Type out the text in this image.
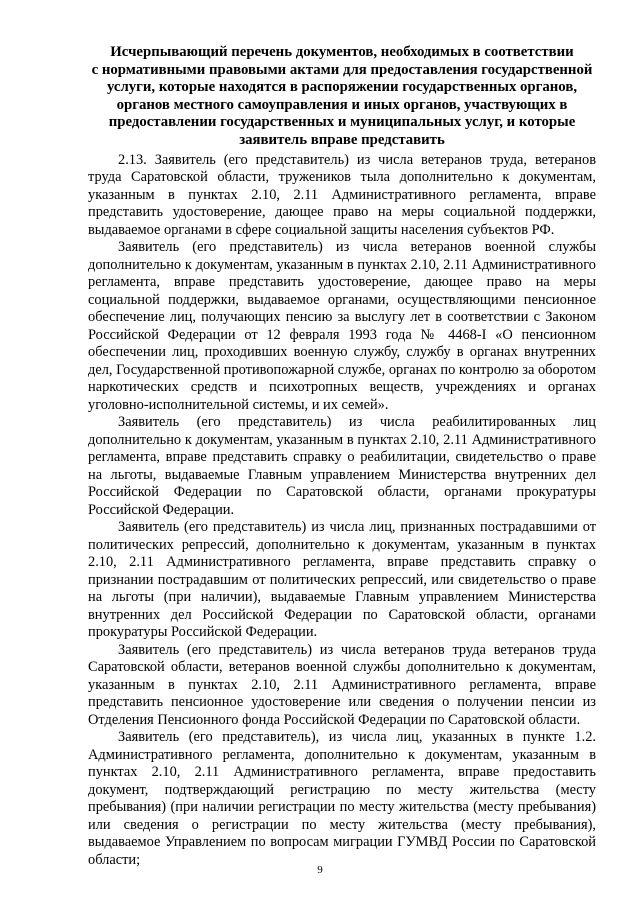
Исчерпывающий перечень документов, необходимых в соответствии
с нормативными правовыми актами для предоставления государственной
услуги, которые находятся в распоряжении государственных органов,
органов местного самоуправления и иных органов, участвующих в
предоставлении государственных и муниципальных услуг, и которые
заявитель вправе представить

2.13. Заявитель (его представитель) из числа ветеранов труда, ветеранов труда Саратовской области, тружеников тыла дополнительно к документам, указанным в пунктах 2.10, 2.11 Административного регламента, вправе представить удостоверение, дающее право на меры социальной поддержки, выдаваемое органами в сфере социальной защиты населения субъектов РФ.

Заявитель (его представитель) из числа ветеранов военной службы дополнительно к документам, указанным в пунктах 2.10, 2.11 Административного регламента, вправе представить удостоверение, дающее право на меры социальной поддержки, выдаваемое органами, осуществляющими пенсионное обеспечение лиц, получающих пенсию за выслугу лет в соответствии с Законом Российской Федерации от 12 февраля 1993 года № 4468-I «О пенсионном обеспечении лиц, проходивших военную службу, службу в органах внутренних дел, Государственной противопожарной службе, органах по контролю за оборотом наркотических средств и психотропных веществ, учреждениях и органах уголовно-исполнительной системы, и их семей».

Заявитель (его представитель) из числа реабилитированных лиц дополнительно к документам, указанным в пунктах 2.10, 2.11 Административного регламента, вправе представить справку о реабилитации, свидетельство о праве на льготы, выдаваемые Главным управлением Министерства внутренних дел Российской Федерации по Саратовской области, органами прокуратуры Российской Федерации.

Заявитель (его представитель) из числа лиц, признанных пострадавшими от политических репрессий, дополнительно к документам, указанным в пунктах 2.10, 2.11 Административного регламента, вправе представить справку о признании пострадавшим от политических репрессий, или свидетельство о праве на льготы (при наличии), выдаваемые Главным управлением Министерства внутренних дел Российской Федерации по Саратовской области, органами прокуратуры Российской Федерации.

Заявитель (его представитель) из числа ветеранов труда ветеранов труда Саратовской области, ветеранов военной службы дополнительно к документам, указанным в пунктах 2.10, 2.11 Административного регламента, вправе представить пенсионное удостоверение или сведения о получении пенсии из Отделения Пенсионного фонда Российской Федерации по Саратовской области.

Заявитель (его представитель), из числа лиц, указанных в пункте 1.2. Административного регламента, дополнительно к документам, указанным в пунктах 2.10, 2.11 Административного регламента, вправе предоставить документ, подтверждающий регистрацию по месту жительства (месту пребывания) (при наличии регистрации по месту жительства (месту пребывания) или сведения о регистрации по месту жительства (месту пребывания), выдаваемое Управлением по вопросам миграции ГУМВД России по Саратовской области;

9
